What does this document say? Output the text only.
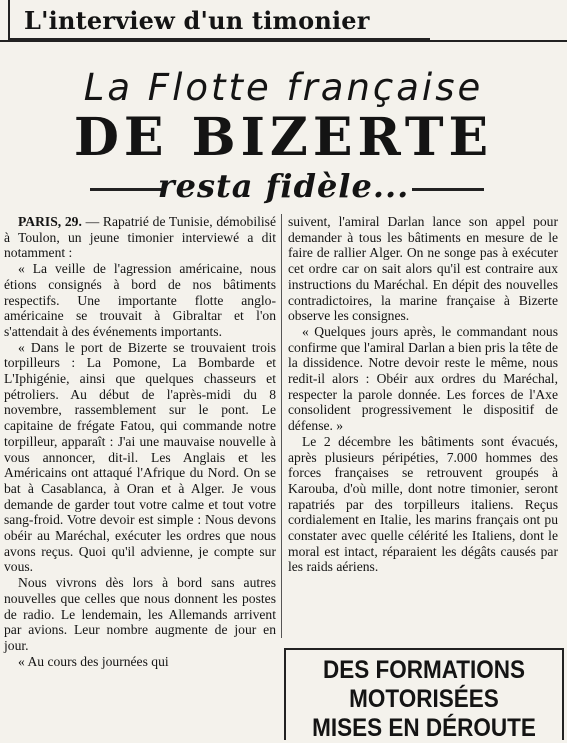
L'interview d'un timonier
La Flotte française
DE BIZERTE
resta fidèle...

PARIS, 29. — Rapatrié de Tunisie, démobilisé à Toulon, un jeune timonier interviewé a dit notamment :

« La veille de l'agression américaine, nous étions consignés à bord de nos bâtiments respectifs. Une importante flotte anglo-américaine se trouvait à Gibraltar et l'on s'attendait à des événements importants.

« Dans le port de Bizerte se trouvaient trois torpilleurs : La Pomone, La Bombarde et L'Iphigénie, ainsi que quelques chasseurs et pétroliers. Au début de l'après-midi du 8 novembre, rassemblement sur le pont. Le capitaine de frégate Fatou, qui commande notre torpilleur, apparaît : J'ai une mauvaise nouvelle à vous annoncer, dit-il. Les Anglais et les Américains ont attaqué l'Afrique du Nord. On se bat à Casablanca, à Oran et à Alger. Je vous demande de garder tout votre calme et tout votre sang-froid. Votre devoir est simple : Nous devons obéir au Maréchal, exécuter les ordres que nous avons reçus. Quoi qu'il advienne, je compte sur vous.

Nous vivrons dès lors à bord sans autres nouvelles que celles que nous donnent les postes de radio. Le lendemain, les Allemands arrivent par avions. Leur nombre augmente de jour en jour.

« Au cours des journées qui

suivent, l'amiral Darlan lance son appel pour demander à tous les bâtiments en mesure de le faire de rallier Alger. On ne songe pas à exécuter cet ordre car on sait alors qu'il est contraire aux instructions du Maréchal. En dépit des nouvelles contradictoires, la marine française à Bizerte observe les consignes.

« Quelques jours après, le commandant nous confirme que l'amiral Darlan a bien pris la tête de la dissidence. Notre devoir reste le même, nous redit-il alors : Obéir aux ordres du Maréchal, respecter la parole donnée. Les forces de l'Axe consolident progressivement le dispositif de défense. »

Le 2 décembre les bâtiments sont évacués, après plusieurs péripéties, 7.000 hommes des forces françaises se retrouvent groupés à Karouba, d'où mille, dont notre timonier, seront rapatriés par des torpilleurs italiens. Reçus cordialement en Italie, les marins français ont pu constater avec quelle célérité les Italiens, dont le moral est intact, réparaient les dégâts causés par les raids aériens.

DES FORMATIONS
MOTORISÉES
MISES EN DÉROUTE
